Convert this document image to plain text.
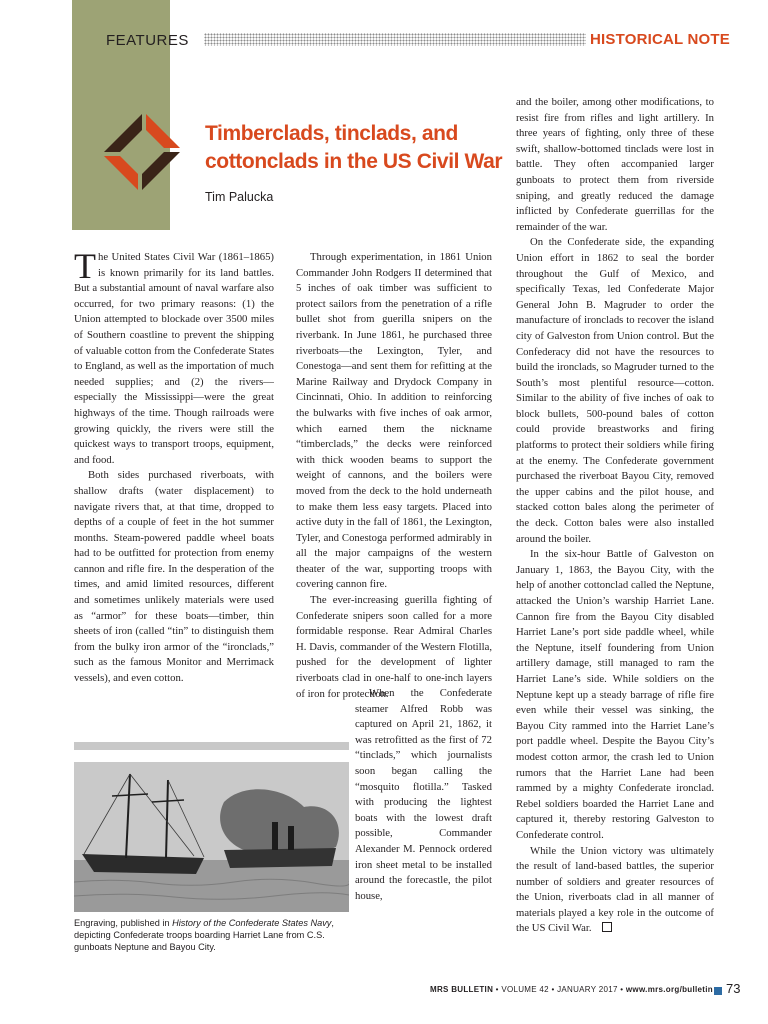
FEATURES	HISTORICAL NOTE
Timberclads, tinclads, and cottonclads in the US Civil War
Tim Palucka

The United States Civil War (1861–1865) is known primarily for its land battles. But a substantial amount of naval warfare also occurred, for two primary reasons: (1) the Union attempted to blockade over 3500 miles of Southern coastline to prevent the shipping of valuable cotton from the Confederate States to England, as well as the importation of much needed supplies; and (2) the rivers—especially the Mississippi—were the great highways of the time. Though railroads were growing quickly, the rivers were still the quickest ways to transport troops, equipment, and food.

Both sides purchased riverboats, with shallow drafts (water displacement) to navigate rivers that, at that time, dropped to depths of a couple of feet in the hot summer months. Steam-powered paddle wheel boats had to be outfitted for protection from enemy cannon and rifle fire. In the desperation of the times, and amid limited resources, different and sometimes unlikely materials were used as “armor” for these boats—timber, thin sheets of iron (called “tin” to distinguish them from the bulky iron armor of the “ironclads,” such as the famous Monitor and Merrimack vessels), and even cotton.

Through experimentation, in 1861 Union Commander John Rodgers II determined that 5 inches of oak timber was sufficient to protect sailors from the penetration of a rifle bullet shot from guerilla snipers on the riverbank. In June 1861, he purchased three riverboats—the Lexington, Tyler, and Conestoga—and sent them for refitting at the Marine Railway and Drydock Company in Cincinnati, Ohio. In addition to reinforcing the bulwarks with five inches of oak armor, which earned them the nickname “timberclads,” the decks were reinforced with thick wooden beams to support the weight of cannons, and the boilers were moved from the deck to the hold underneath to make them less easy targets. Placed into active duty in the fall of 1861, the Lexington, Tyler, and Conestoga performed admirably in all the major campaigns of the western theater of the war, supporting troops with covering cannon fire.

The ever-increasing guerilla fighting of Confederate snipers soon called for a more formidable response. Rear Admiral Charles H. Davis, commander of the Western Flotilla, pushed for the development of lighter riverboats clad in one-half to one-inch layers of iron for protection.

When the Confederate steamer Alfred Robb was captured on April 21, 1862, it was retrofitted as the first of 72 “tinclads,” which journalists soon began calling the “mosquito flotilla.” Tasked with producing the lightest boats with the lowest draft possible, Commander Alexander M. Pennock ordered iron sheet metal to be installed around the forecastle, the pilot house,

and the boiler, among other modifications, to resist fire from rifles and light artillery. In three years of fighting, only three of these swift, shallow-bottomed tinclads were lost in battle. They often accompanied larger gunboats to protect them from riverside sniping, and greatly reduced the damage inflicted by Confederate guerrillas for the remainder of the war.

On the Confederate side, the expanding Union effort in 1862 to seal the border throughout the Gulf of Mexico, and specifically Texas, led Confederate Major General John B. Magruder to order the manufacture of ironclads to recover the island city of Galveston from Union control. But the Confederacy did not have the resources to build the ironclads, so Magruder turned to the South’s most plentiful resource—cotton. Similar to the ability of five inches of oak to block bullets, 500-pound bales of cotton could provide breastworks and firing platforms to protect their soldiers while firing at the enemy. The Confederate government purchased the riverboat Bayou City, removed the upper cabins and the pilot house, and stacked cotton bales along the perimeter of the deck. Cotton bales were also installed around the boiler.

In the six-hour Battle of Galveston on January 1, 1863, the Bayou City, with the help of another cottonclad called the Neptune, attacked the Union’s warship Harriet Lane. Cannon fire from the Bayou City disabled Harriet Lane’s port side paddle wheel, while the Neptune, itself foundering from Union artillery damage, still managed to ram the Harriet Lane’s side. While soldiers on the Neptune kept up a steady barrage of rifle fire even while their vessel was sinking, the Bayou City rammed into the Harriet Lane’s port paddle wheel. Despite the Bayou City’s modest cotton armor, the crash led to Union rumors that the Harriet Lane had been rammed by a mighty Confederate ironclad. Rebel soldiers boarded the Harriet Lane and captured it, thereby restoring Galveston to Confederate control.

While the Union victory was ultimately the result of land-based battles, the superior number of soldiers and greater resources of the Union, riverboats clad in all manner of materials played a key role in the outcome of the US Civil War.

Engraving, published in History of the Confederate States Navy, depicting Confederate troops boarding Harriet Lane from C.S. gunboats Neptune and Bayou City.

MRS BULLETIN • VOLUME 42 • JANUARY 2017 • www.mrs.org/bulletin 73
